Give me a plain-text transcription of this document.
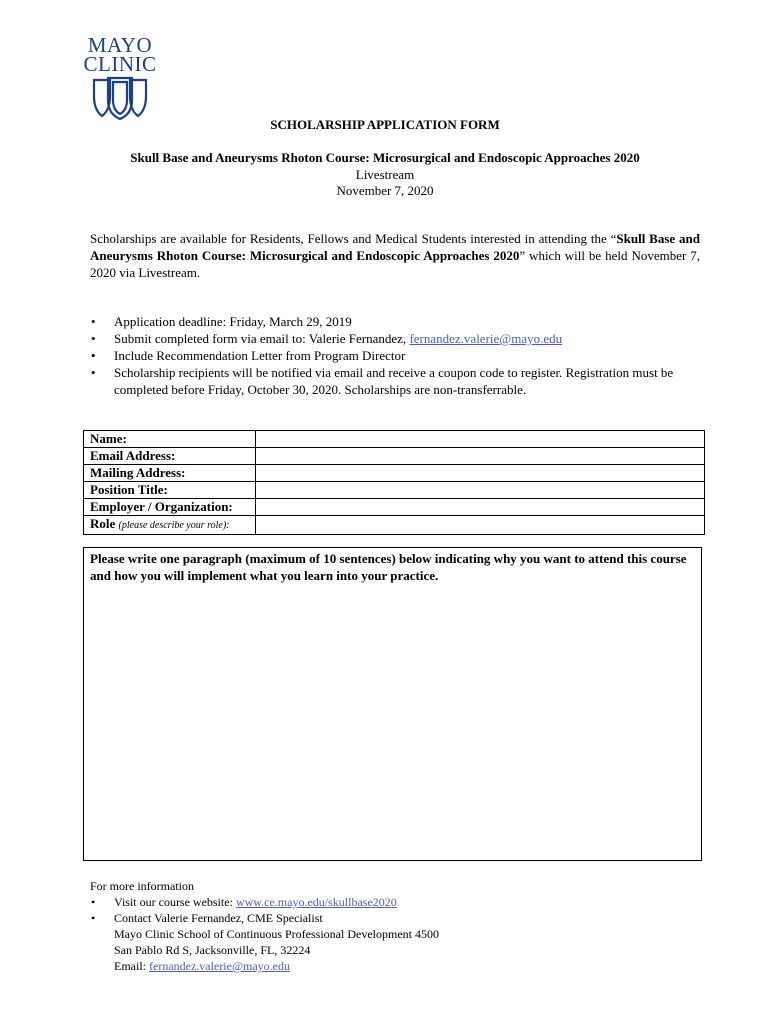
MAYO
CLINIC
SCHOLARSHIP APPLICATION FORM
Skull Base and Aneurysms Rhoton Course: Microsurgical and Endoscopic Approaches 2020
Livestream
November 7, 2020
Scholarships are available for Residents, Fellows and Medical Students interested in attending the “Skull Base and Aneurysms Rhoton Course: Microsurgical and Endoscopic Approaches 2020” which will be held November 7, 2020 via Livestream.
•	Application deadline: Friday, March 29, 2019
•	Submit completed form via email to: Valerie Fernandez, fernandez.valerie@mayo.edu
•	Include Recommendation Letter from Program Director
•	Scholarship recipients will be notified via email and receive a coupon code to register. Registration must be completed before Friday, October 30, 2020. Scholarships are non-transferrable.
Name:	
Email Address:	
Mailing Address:	
Position Title:	
Employer / Organization:	
Role (please describe your role):	
Please write one paragraph (maximum of 10 sentences) below indicating why you want to attend this course and how you will implement what you learn into your practice.
For more information
•	Visit our course website: www.ce.mayo.edu/skullbase2020
•	Contact Valerie Fernandez, CME Specialist
Mayo Clinic School of Continuous Professional Development 4500
San Pablo Rd S, Jacksonville, FL, 32224
Email: fernandez.valerie@mayo.edu
